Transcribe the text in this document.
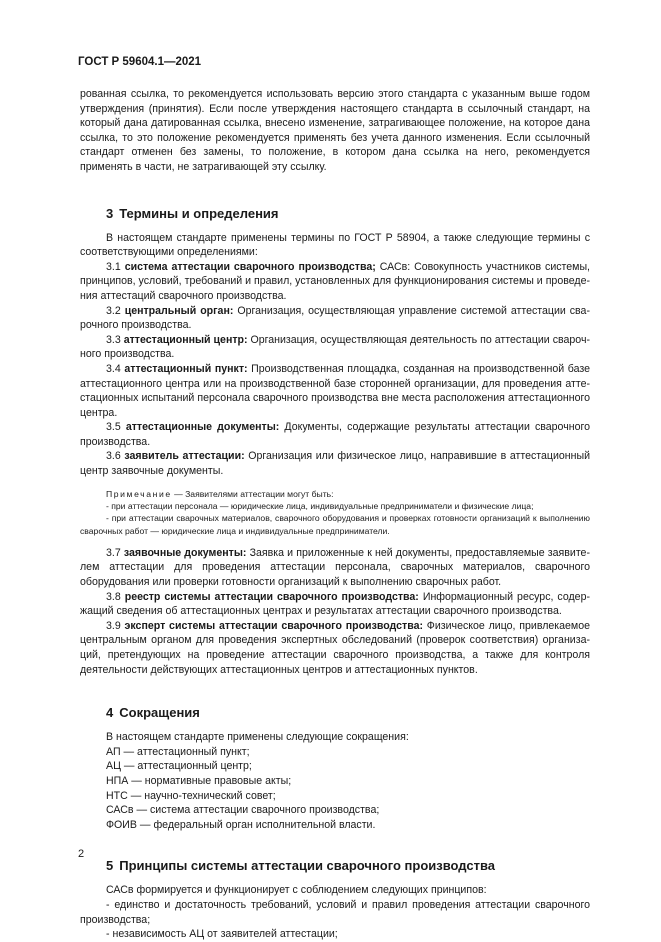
ГОСТ Р 59604.1—2021

рованная ссылка, то рекомендуется использовать версию этого стандарта с указанным выше годом утверждения (принятия). Если после утверждения настоящего стандарта в ссылочный стандарт, на который дана датированная ссылка, внесено изменение, затрагивающее положение, на которое дана ссылка, то это положение рекомендуется применять без учета данного изменения. Если ссылочный стандарт отменен без замены, то положение, в котором дана ссылка на него, рекомендуется применять в части, не затрагивающей эту ссылку.

3 Термины и определения

В настоящем стандарте применены термины по ГОСТ Р 58904, а также следующие термины с соответствующими определениями:

3.1 система аттестации сварочного производства; САСв: Совокупность участников системы, принципов, условий, требований и правил, установленных для функционирования системы и проведения аттестаций сварочного производства.

3.2 центральный орган: Организация, осуществляющая управление системой аттестации сварочного производства.

3.3 аттестационный центр: Организация, осуществляющая деятельность по аттестации сварочного производства.

3.4 аттестационный пункт: Производственная площадка, созданная на производственной базе аттестационного центра или на производственной базе сторонней организации, для проведения аттестационных испытаний персонала сварочного производства вне места расположения аттестационного центра.

3.5 аттестационные документы: Документы, содержащие результаты аттестации сварочного производства.

3.6 заявитель аттестации: Организация или физическое лицо, направившие в аттестационный центр заявочные документы.

Примечание — Заявителями аттестации могут быть:

- при аттестации персонала — юридические лица, индивидуальные предприниматели и физические лица;

- при аттестации сварочных материалов, сварочного оборудования и проверках готовности организаций к выполнению сварочных работ — юридические лица и индивидуальные предприниматели.

3.7 заявочные документы: Заявка и приложенные к ней документы, предоставляемые заявителем аттестации для проведения аттестации персонала, сварочных материалов, сварочного оборудования или проверки готовности организаций к выполнению сварочных работ.

3.8 реестр системы аттестации сварочного производства: Информационный ресурс, содержащий сведения об аттестационных центрах и результатах аттестации сварочного производства.

3.9 эксперт системы аттестации сварочного производства: Физическое лицо, привлекаемое центральным органом для проведения экспертных обследований (проверок соответствия) организаций, претендующих на проведение аттестации сварочного производства, а также для контроля деятельности действующих аттестационных центров и аттестационных пунктов.

4 Сокращения

В настоящем стандарте применены следующие сокращения:

АП — аттестационный пункт;

АЦ — аттестационный центр;

НПА — нормативные правовые акты;

НТС — научно-технический совет;

САСв — система аттестации сварочного производства;

ФОИВ — федеральный орган исполнительной власти.

5 Принципы системы аттестации сварочного производства

САСв формируется и функционирует с соблюдением следующих принципов:

- единство и достаточность требований, условий и правил проведения аттестации сварочного производства;

- независимость АЦ от заявителей аттестации;

2
